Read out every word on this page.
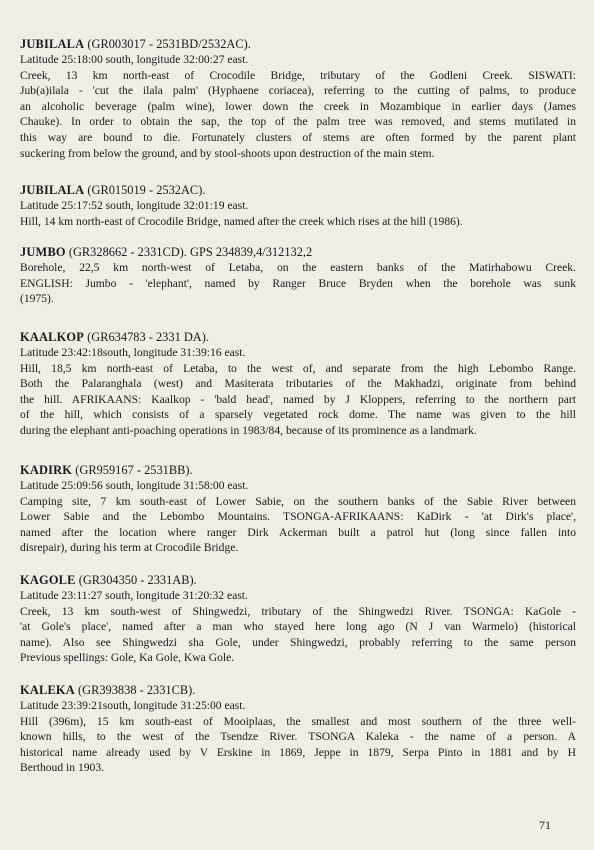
JUBILALA (GR003017 - 2531BD/2532AC).
Latitude 25:18:00 south, longitude 32:00:27 east.
Creek, 13 km north-east of Crocodile Bridge, tributary of the Godleni Creek. SISWATI:
Jub(a)ilala - 'cut the ilala palm' (Hyphaene coriacea), referring to the cutting of palms, to produce
an alcoholic beverage (palm wine), lower down the creek in Mozambique in earlier days (James
Chauke). In order to obtain the sap, the top of the palm tree was removed, and stems mutilated in
this way are bound to die. Fortunately clusters of stems are often formed by the parent plant
suckering from below the ground, and by stool-shoots upon destruction of the main stem.
JUBILALA (GR015019 - 2532AC).
Latitude 25:17:52 south, longitude 32:01:19 east.
Hill, 14 km north-east of Crocodile Bridge, named after the creek which rises at the hill (1986).
JUMBO (GR328662 - 2331CD). GPS 234839,4/312132,2
Borehole, 22,5 km north-west of Letaba, on the eastern banks of the Matirhabowu Creek.
ENGLISH: Jumbo - 'elephant', named by Ranger Bruce Bryden when the borehole was sunk
(1975).
KAALKOP (GR634783 - 2331 DA).
Latitude 23:42:18south, longitude 31:39:16 east.
Hill, 18,5 km north-east of Letaba, to the west of, and separate from the high Lebombo Range.
Both the Palaranghala (west) and Masiterata tributaries of the Makhadzi, originate from behind
the hill. AFRIKAANS: Kaalkop - 'bald head', named by J Kloppers, referring to the northern part
of the hill, which consists of a sparsely vegetated rock dome. The name was given to the hill
during the elephant anti-poaching operations in 1983/84, because of its prominence as a landmark.
KADIRK (GR959167 - 2531BB).
Latitude 25:09:56 south, longitude 31:58:00 east.
Camping site, 7 km south-east of Lower Sabie, on the southern banks of the Sabie River between
Lower Sabie and the Lebombo Mountains. TSONGA-AFRIKAANS: KaDirk - 'at Dirk's place',
named after the location where ranger Dirk Ackerman built a patrol hut (long since fallen into
disrepair), during his term at Crocodile Bridge.
KAGOLE (GR304350 - 2331AB).
Latitude 23:11:27 south, longitude 31:20:32 east.
Creek, 13 km south-west of Shingwedzi, tributary of the Shingwedzi River. TSONGA: KaGole -
'at Gole's place', named after a man who stayed here long ago (N J van Warmelo) (historical
name). Also see Shingwedzi sha Gole, under Shingwedzi, probably referring to the same person
Previous spellings: Gole, Ka Gole, Kwa Gole.
KALEKA (GR393838 - 2331CB).
Latitude 23:39:21south, longitude 31:25:00 east.
Hill (396m), 15 km south-east of Mooiplaas, the smallest and most southern of the three well-
known hills, to the west of the Tsendze River. TSONGA Kaleka - the name of a person. A
historical name already used by V Erskine in 1869, Jeppe in 1879, Serpa Pinto in 1881 and by H
Berthoud in 1903.
71
